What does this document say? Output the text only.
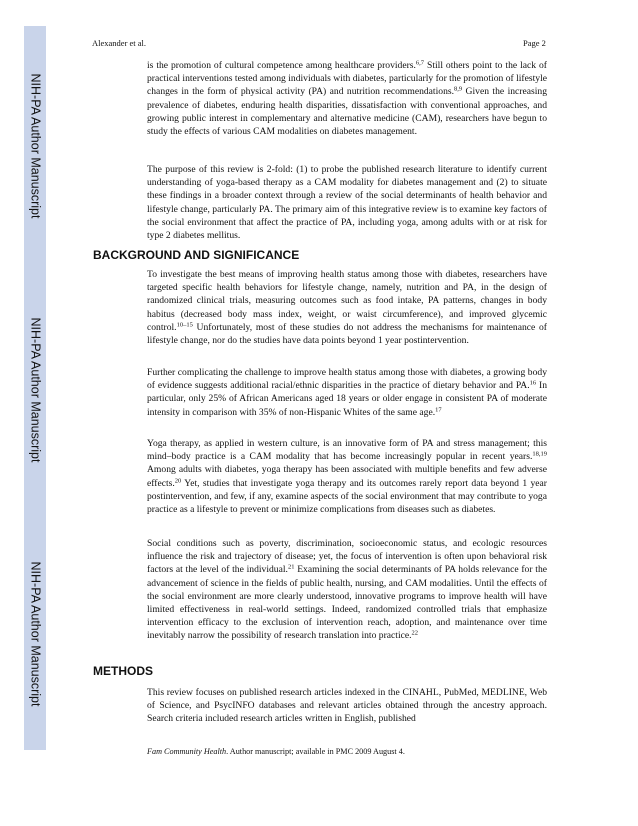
NIH-PA Author Manuscript
NIH-PA Author Manuscript
NIH-PA Author Manuscript
Alexander et al.	Page 2

is the promotion of cultural competence among healthcare providers.$^{6,7}$ Still others point to the lack of practical interventions tested among individuals with diabetes, particularly for the promotion of lifestyle changes in the form of physical activity (PA) and nutrition recommendations.$^{8,9}$ Given the increasing prevalence of diabetes, enduring health disparities, dissatisfaction with conventional approaches, and growing public interest in complementary and alternative medicine (CAM), researchers have begun to study the effects of various CAM modalities on diabetes management.

The purpose of this review is 2-fold: (1) to probe the published research literature to identify current understanding of yoga-based therapy as a CAM modality for diabetes management and (2) to situate these findings in a broader context through a review of the social determinants of health behavior and lifestyle change, particularly PA. The primary aim of this integrative review is to examine key factors of the social environment that affect the practice of PA, including yoga, among adults with or at risk for type 2 diabetes mellitus.

BACKGROUND AND SIGNIFICANCE

To investigate the best means of improving health status among those with diabetes, researchers have targeted specific health behaviors for lifestyle change, namely, nutrition and PA, in the design of randomized clinical trials, measuring outcomes such as food intake, PA patterns, changes in body habitus (decreased body mass index, weight, or waist circumference), and improved glycemic control.$^{10-15}$ Unfortunately, most of these studies do not address the mechanisms for maintenance of lifestyle change, nor do the studies have data points beyond 1 year postintervention.

Further complicating the challenge to improve health status among those with diabetes, a growing body of evidence suggests additional racial/ethnic disparities in the practice of dietary behavior and PA.$^{16}$ In particular, only 25% of African Americans aged 18 years or older engage in consistent PA of moderate intensity in comparison with 35% of non-Hispanic Whites of the same age.$^{17}$

Yoga therapy, as applied in western culture, is an innovative form of PA and stress management; this mind–body practice is a CAM modality that has become increasingly popular in recent years.$^{18,19}$ Among adults with diabetes, yoga therapy has been associated with multiple benefits and few adverse effects.$^{20}$ Yet, studies that investigate yoga therapy and its outcomes rarely report data beyond 1 year postintervention, and few, if any, examine aspects of the social environment that may contribute to yoga practice as a lifestyle to prevent or minimize complications from diseases such as diabetes.

Social conditions such as poverty, discrimination, socioeconomic status, and ecologic resources influence the risk and trajectory of disease; yet, the focus of intervention is often upon behavioral risk factors at the level of the individual.$^{21}$ Examining the social determinants of PA holds relevance for the advancement of science in the fields of public health, nursing, and CAM modalities. Until the effects of the social environment are more clearly understood, innovative programs to improve health will have limited effectiveness in real-world settings. Indeed, randomized controlled trials that emphasize intervention efficacy to the exclusion of intervention reach, adoption, and maintenance over time inevitably narrow the possibility of research translation into practice.$^{22}$

METHODS

This review focuses on published research articles indexed in the CINAHL, PubMed, MEDLINE, Web of Science, and PsycINFO databases and relevant articles obtained through the ancestry approach. Search criteria included research articles written in English, published

Fam Community Health. Author manuscript; available in PMC 2009 August 4.
